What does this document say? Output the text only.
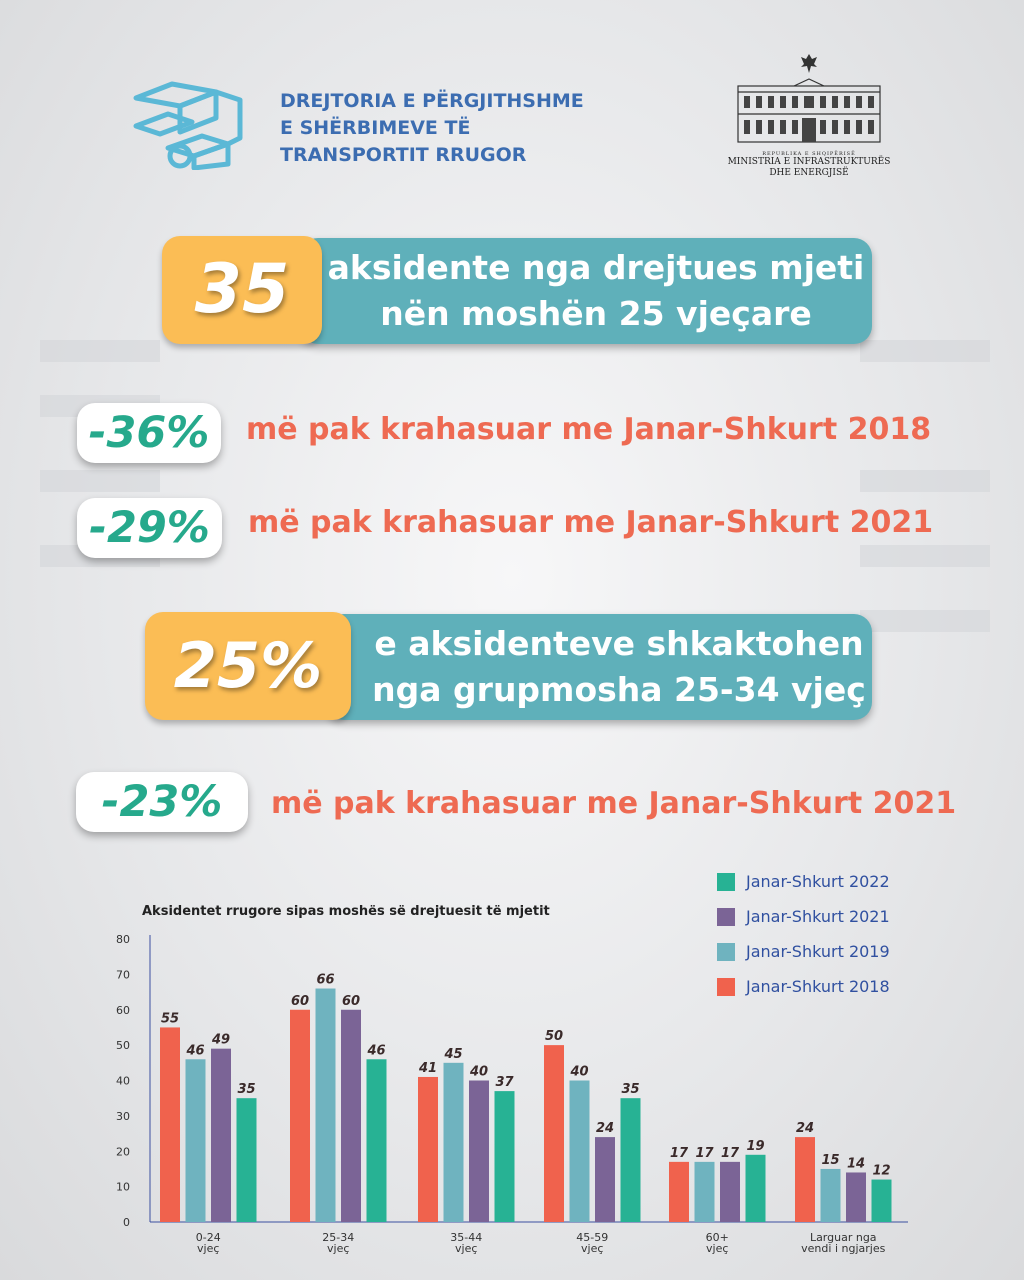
DREJTORIA E PËRGJITHSHME
E SHËRBIMEVE TË
TRANSPORTIT RRUGOR
	REPUBLIKA E SHQIPËRISË
MINISTRIA E INFRASTRUKTURËS
DHE ENERGJISË
aksidente nga drejtues mjeti
nën moshën 25 vjeçare
35
-36%	më pak krahasuar me Janar-Shkurt 2018
-29%	më pak krahasuar me Janar-Shkurt 2021
e aksidenteve shkaktohen
nga grupmosha 25-34 vjeç
25%
-23%	më pak krahasuar me Janar-Shkurt 2021
Aksidentet rrugore sipas moshës së drejtuesit të mjetit
Janar-Shkurt 2022
Janar-Shkurt 2021
Janar-Shkurt 2019
Janar-Shkurt 2018
0
10
20
30
40
50
60
70
80
55
46
49
35
0-24
vjeç
60
66
60
46
25-34
vjeç
41
45
40
37
35-44
vjeç
50
40
24
35
45-59
vjeç
17 17 17 19
60+
vjeç
24
15 14 12
Larguar nga
vendi i ngjarjes
